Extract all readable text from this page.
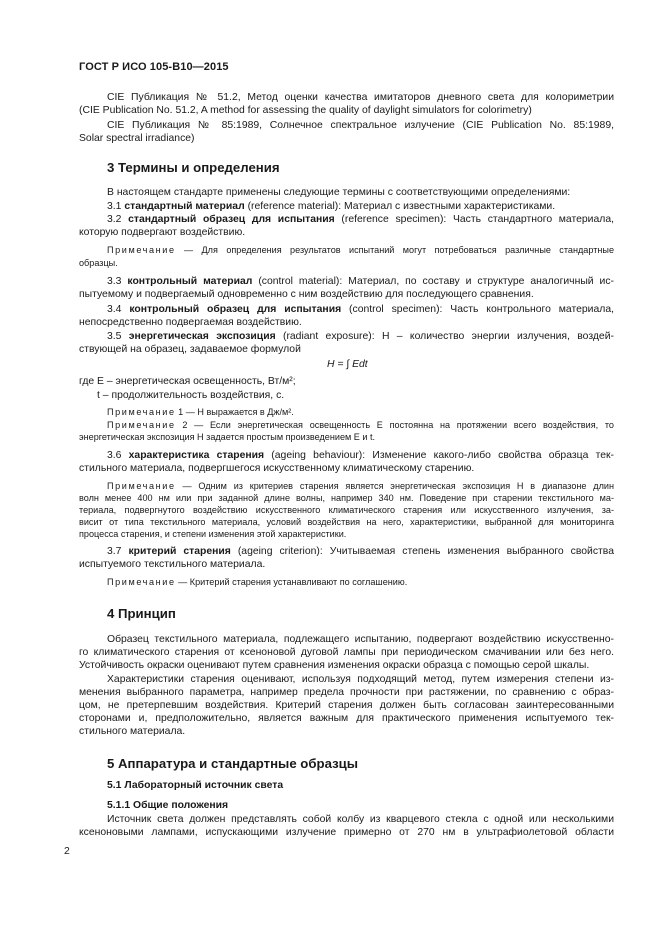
ГОСТ Р ИСО 105-В10—2015
CIE Публикация № 51.2, Метод оценки качества имитаторов дневного света для колориметрии
(CIE Publication No. 51.2, A method for assessing the quality of daylight simulators for colorimetry)
CIE Публикация № 85:1989, Солнечное спектральное излучение (CIE Publication No. 85:1989,
Solar spectral irradiance)
3 Термины и определения
В настоящем стандарте применены следующие термины с соответствующими определениями:
3.1 стандартный материал (reference material): Материал с известными характеристиками.
3.2 стандартный образец для испытания (reference specimen): Часть стандартного материала,
которую подвергают воздействию.
Примечание — Для определения результатов испытаний могут потребоваться различные стандартные
образцы.
3.3 контрольный материал (control material): Материал, по составу и структуре аналогичный ис-
пытуемому и подвергаемый одновременно с ним воздействию для последующего сравнения.
3.4 контрольный образец для испытания (control specimen): Часть контрольного материала,
непосредственно подвергаемая воздействию.
3.5 энергетическая экспозиция (radiant exposure): H – количество энергии излучения, воздей-
ствующей на образец, задаваемое формулой
H = ∫ Edt
где E – энергетическая освещенность, Вт/м²;
t – продолжительность воздействия, с.
Примечание 1 — H выражается в Дж/м².
Примечание 2 — Если энергетическая освещенность E постоянна на протяжении всего воздействия, то
энергетическая экспозиция H задается простым произведением E и t.
3.6 характеристика старения (ageing behaviour): Изменение какого-либо свойства образца тек-
стильного материала, подвергшегося искусственному климатическому старению.
Примечание — Одним из критериев старения является энергетическая экспозиция H в диапазоне длин
волн менее 400 нм или при заданной длине волны, например 340 нм. Поведение при старении текстильного ма-
териала, подвергнутого воздействию искусственного климатического старения или искусственного излучения, за-
висит от типа текстильного материала, условий воздействия на него, характеристики, выбранной для мониторинга
процесса старения, и степени изменения этой характеристики.
3.7 критерий старения (ageing criterion): Учитываемая степень изменения выбранного свойства
испытуемого текстильного материала.
Примечание — Критерий старения устанавливают по соглашению.
4 Принцип
Образец текстильного материала, подлежащего испытанию, подвергают воздействию искусственно-
го климатического старения от ксеноновой дуговой лампы при периодическом смачивании или без него.
Устойчивость окраски оценивают путем сравнения изменения окраски образца с помощью серой шкалы.
Характеристики старения оценивают, используя подходящий метод, путем измерения степени из-
менения выбранного параметра, например предела прочности при растяжении, по сравнению с образ-
цом, не претерпевшим воздействия. Критерий старения должен быть согласован заинтересованными
сторонами и, предположительно, является важным для практического применения испытуемого тек-
стильного материала.
5 Аппаратура и стандартные образцы
5.1 Лабораторный источник света
5.1.1 Общие положения
Источник света должен представлять собой колбу из кварцевого стекла с одной или несколькими
ксеноновыми лампами, испускающими излучение примерно от 270 нм в ультрафиолетовой области
2
